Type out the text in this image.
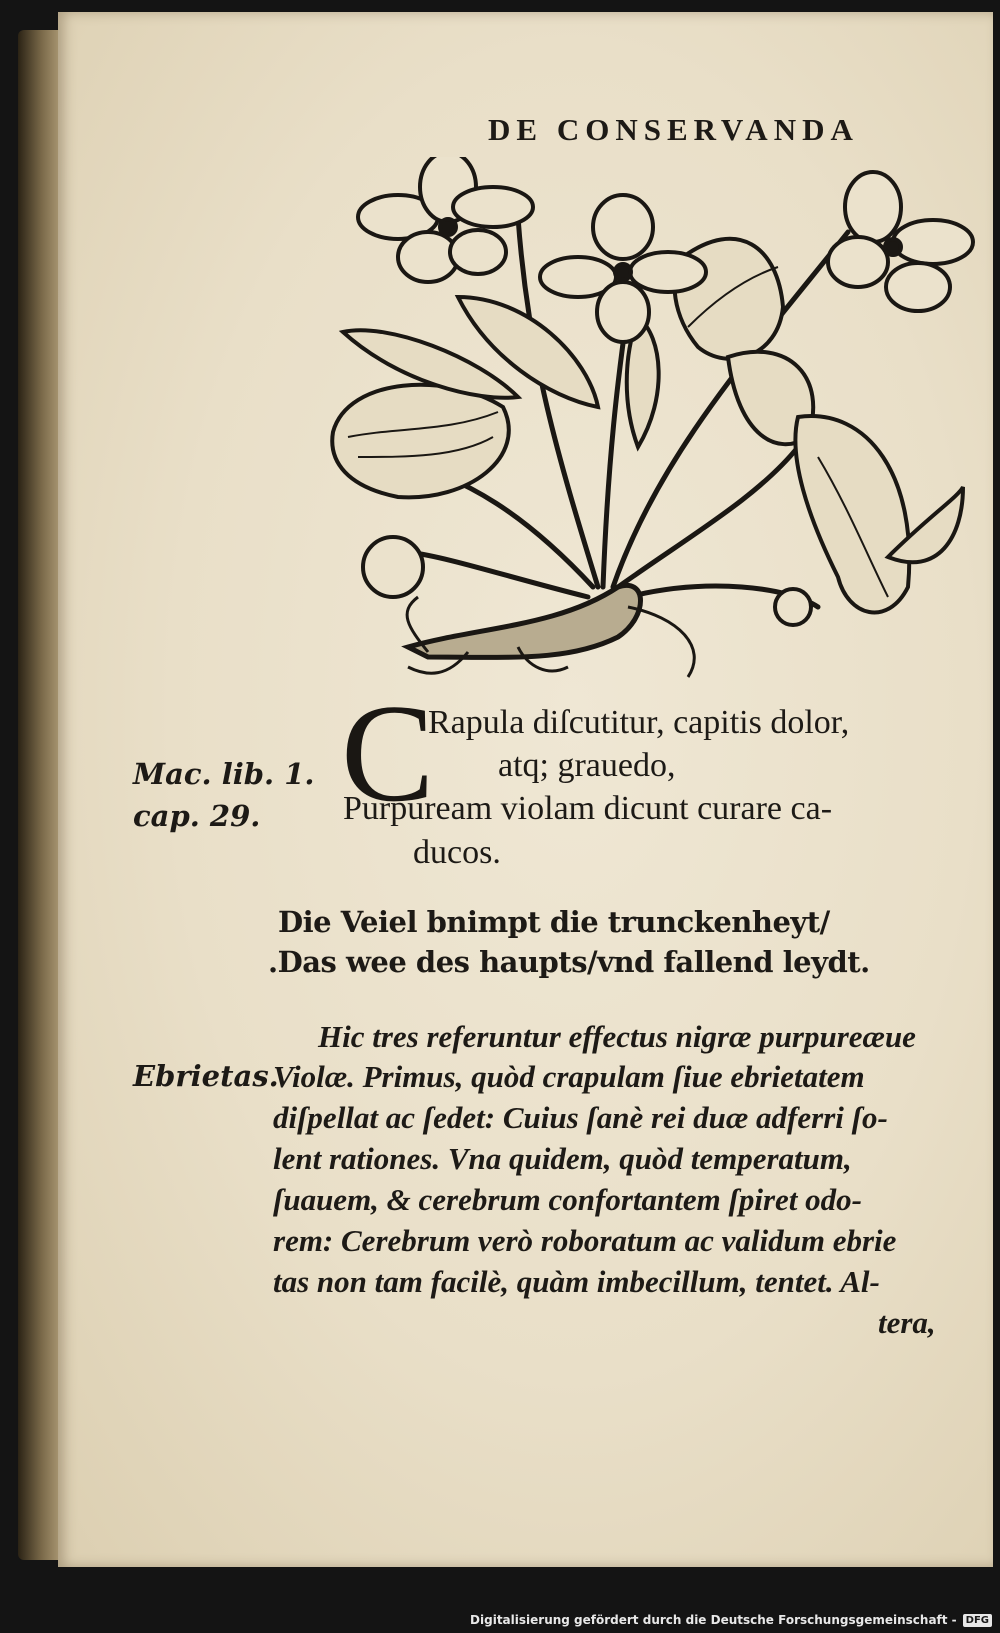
DE CONSERVANDA
C

Rapula diſcutitur, capitis dolor,

atq; grauedo,

Purpuream violam dicunt curare ca-

ducos.

Mac. lib. 1.
cap. 29.
Die Veiel bnimpt die trunckenheyt/
.Das wee des haupts/vnd fallend leydt.
Ebrietas.

Hic tres referuntur effectus nigræ purpureæue

Violæ. Primus, quòd crapulam ſiue ebrietatem

diſpellat ac ſedet: Cuius ſanè rei duæ adferri ſo-

lent rationes. Vna quidem, quòd temperatum,

ſuauem, & cerebrum confortantem ſpiret odo-

rem: Cerebrum verò roboratum ac validum ebrie

tas non tam facilè, quàm imbecillum, tentet. Al-

tera,

Digitalisierung gefördert durch die Deutsche Forschungsgemeinschaft - DFG
